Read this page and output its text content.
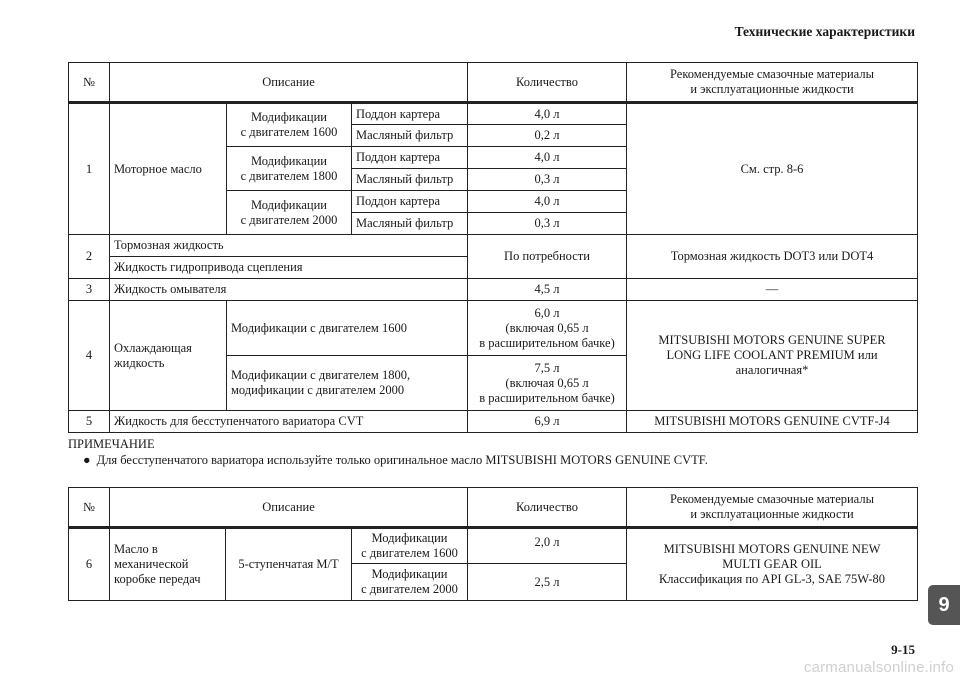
Технические характеристики
№	Описание			Количество	Рекомендуемые смазочные материалы
и эксплуатационные жидкости
1	Моторное масло	Модификации
с двигателем 1600	Поддон картера	4,0 л	См. стр. 8-6
			Масляный фильтр	0,2 л	
		Модификации
с двигателем 1800	Поддон картера	4,0 л	
			Масляный фильтр	0,3 л	
		Модификации
с двигателем 2000	Поддон картера	4,0 л	
			Масляный фильтр	0,3 л	
2	Тормозная жидкость			По потребности	Тормозная жидкость DOT3 или DOT4
	Жидкость гидропривода сцепления				
3	Жидкость омывателя			4,5 л	—
4	Охлаждающая
жидкость	Модификации с двигателем 1600		6,0 л
(включая 0,65 л
в расширительном бачке)	MITSUBISHI MOTORS GENUINE SUPER
LONG LIFE COOLANT PREMIUM или
аналогичная*
		Модификации с двигателем 1800,
модификации с двигателем 2000		7,5 л
(включая 0,65 л
в расширительном бачке)	
5	Жидкость для бесступенчатого вариатора CVT			6,9 л	MITSUBISHI MOTORS GENUINE CVTF-J4
ПРИМЕЧАНИЕ
● Для бесступенчатого вариатора используйте только оригинальное масло MITSUBISHI MOTORS GENUINE CVTF.
№	Описание			Количество	Рекомендуемые смазочные материалы
и эксплуатационные жидкости
6	Масло в
механической
коробке передач	5-ступенчатая М/Т	Модификации
с двигателем 1600	2,0 л	MITSUBISHI MOTORS GENUINE NEW
MULTI GEAR OIL
Классификация по API GL-3, SAE 75W-80
			Модификации
с двигателем 2000	2,5 л	
9
9-15
carmanualsonline.info
